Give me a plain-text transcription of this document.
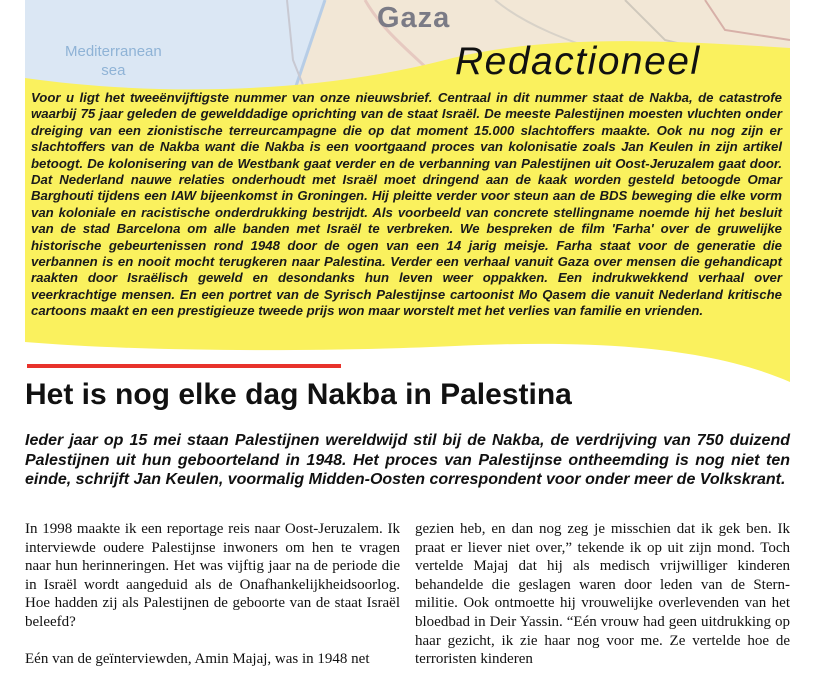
Gaza
Mediterranean
sea	Redactioneel

Voor u ligt het tweeënvijftigste nummer van onze nieuwsbrief. Centraal in dit nummer staat de Nakba, de catastrofe waarbij 75 jaar geleden de gewelddadige oprichting van de staat Israël. De meeste Palestijnen moesten vluchten onder dreiging van een zionistische terreurcampagne die op dat moment 15.000 slachtoffers maakte. Ook nu nog zijn er slachtoffers van de Nakba want die Nakba is een voortgaand proces van kolonisatie zoals Jan Keulen in zijn artikel betoogt. De kolonisering van de Westbank gaat verder en de verbanning van Palestijnen uit Oost-Jeruzalem gaat door. Dat Nederland nauwe relaties onderhoudt met Israël moet dringend aan de kaak worden gesteld betoogde Omar Barghouti tijdens een IAW bijeenkomst in Groningen. Hij pleitte verder voor steun aan de BDS beweging die elke vorm van koloniale en racistische onderdrukking bestrijdt. Als voorbeeld van concrete stellingname noemde hij het besluit van de stad Barcelona om alle banden met Israël te verbreken. We bespreken de film 'Farha' over de gruwelijke historische gebeurtenissen rond 1948 door de ogen van een 14 jarig meisje. Farha staat voor de generatie die verbannen is en nooit mocht terugkeren naar Palestina. Verder een verhaal vanuit Gaza over mensen die gehandicapt raakten door Israëlisch geweld en desondanks hun leven weer oppakken. Een indrukwekkend verhaal over veerkrachtige mensen. En een portret van de Syrisch Palestijnse cartoonist Mo Qasem die vanuit Nederland kritische cartoons maakt en een prestigieuze tweede prijs won maar worstelt met het verlies van familie en vrienden.

Het is nog elke dag Nakba in Palestina

Ieder jaar op 15 mei staan Palestijnen wereldwijd stil bij de Nakba, de verdrijving van 750 duizend Palestijnen uit hun geboorteland in 1948. Het proces van Palestijnse ontheemding is nog niet ten einde, schrijft Jan Keulen, voormalig Midden-Oosten correspondent voor onder meer de Volkskrant.

In 1998 maakte ik een reportage reis naar Oost-Jeruzalem. Ik interviewde oudere Palestijnse inwoners om hen te vragen naar hun herinneringen. Het was vijftig jaar na de periode die in Israël wordt aangeduid als de Onafhankelijkheidsoorlog. Hoe hadden zij als Palestijnen de geboorte van de staat Israël beleefd?

Eén van de geïnterviewden, Amin Majaj, was in 1948 net

gezien heb, en dan nog zeg je misschien dat ik gek ben. Ik praat er liever niet over,” tekende ik op uit zijn mond. Toch vertelde Majaj dat hij als medisch vrijwilliger kinderen behandelde die geslagen waren door leden van de Stern-militie. Ook ontmoette hij vrouwelijke overlevenden van het bloedbad in Deir Yassin. “Eén vrouw had geen uitdrukking op haar gezicht, ik zie haar nog voor me. Ze vertelde hoe de terroristen kinderen
